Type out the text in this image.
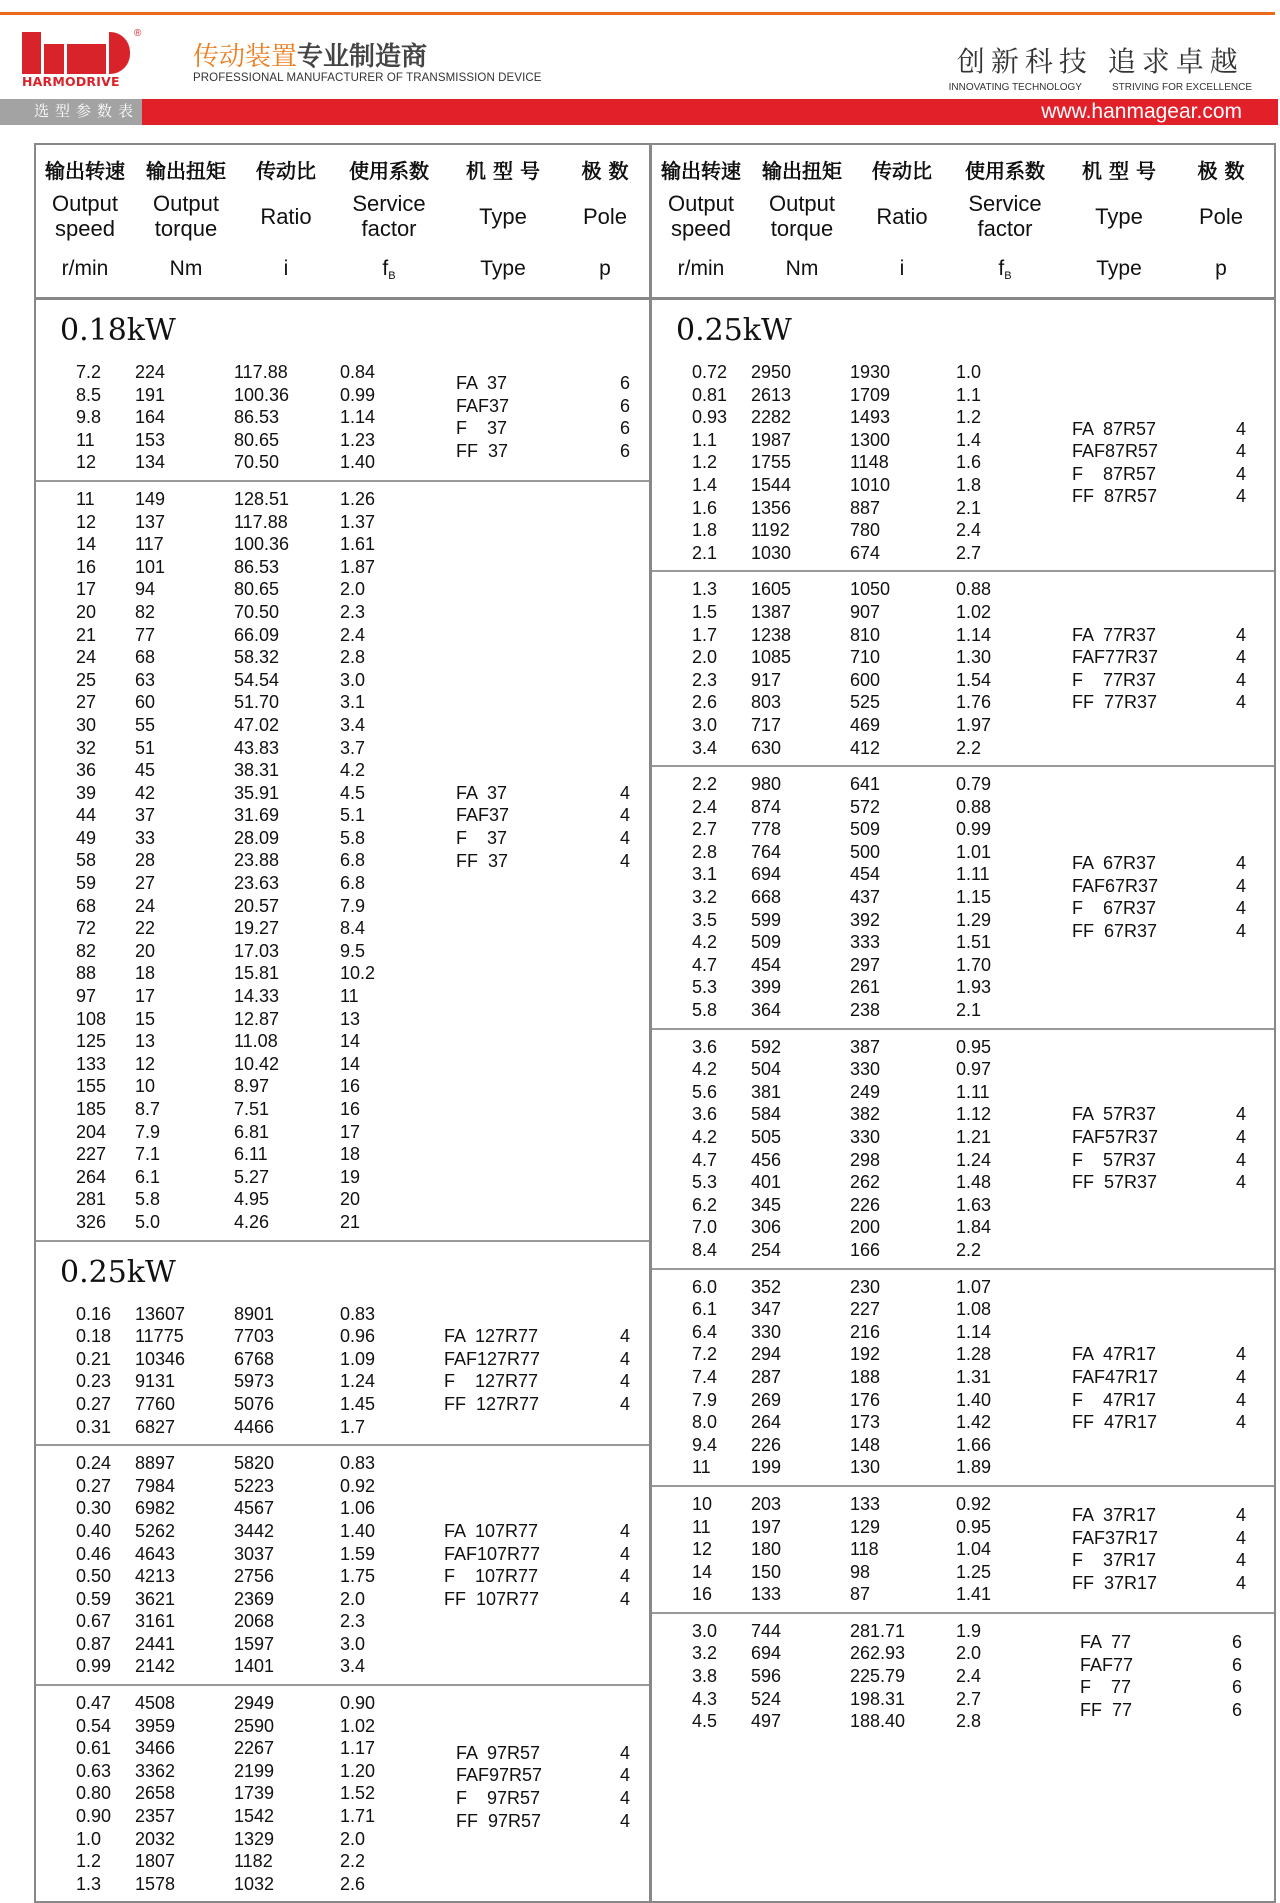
®
HARMODRIVE
传动装置专业制造商
PROFESSIONAL MANUFACTURER OF TRANSMISSION DEVICE	创新科技 追求卓越
INNOVATING TECHNOLOGY	STRIVING FOR EXCELLENCE
选型参数表	www.hanmagear.com
输出转速	输出扭矩	传动比	使用系数	机 型 号	极 数
Output speed
Output torque	Ratio	Service factor	Type	Pole
r/min	Nm	i	$f_B$	Type	p
0.18kW
7.2	224	117.88	0.84
8.5	191	100.36	0.99
9.8	164	86.53	1.14
11	153	80.65	1.23
12	134	70.50	1.40
FA  37	6
FAF37	6
F    37	6
FF  37	6
11	149	128.51	1.26
12	137	117.88	1.37
14	117	100.36	1.61
16	101	86.53	1.87
17	94	80.65	2.0
20	82	70.50	2.3
21	77	66.09	2.4
24	68	58.32	2.8
25	63	54.54	3.0
27	60	51.70	3.1
30	55	47.02	3.4
32	51	43.83	3.7
36	45	38.31	4.2
39	42	35.91	4.5
44	37	31.69	5.1
49	33	28.09	5.8
58	28	23.88	6.8
59	27	23.63	6.8
68	24	20.57	7.9
72	22	19.27	8.4
82	20	17.03	9.5
88	18	15.81	10.2
97	17	14.33	11
108	15	12.87	13
125	13	11.08	14
133	12	10.42	14
155	10	8.97	16
185	8.7	7.51	16
204	7.9	6.81	17
227	7.1	6.11	18
264	6.1	5.27	19
281	5.8	4.95	20
326	5.0	4.26	21
FA  37	4
FAF37	4
F    37	4
FF  37	4
0.25kW
0.16	13607	8901	0.83
0.18	11775	7703	0.96
0.21	10346	6768	1.09
0.23	9131	5973	1.24
0.27	7760	5076	1.45
0.31	6827	4466	1.7
FA  127R77	4
FAF127R77	4
F    127R77	4
FF  127R77	4
0.24	8897	5820	0.83
0.27	7984	5223	0.92
0.30	6982	4567	1.06
0.40	5262	3442	1.40
0.46	4643	3037	1.59
0.50	4213	2756	1.75
0.59	3621	2369	2.0
0.67	3161	2068	2.3
0.87	2441	1597	3.0
0.99	2142	1401	3.4
FA  107R77	4
FAF107R77	4
F    107R77	4
FF  107R77	4
0.47	4508	2949	0.90
0.54	3959	2590	1.02
0.61	3466	2267	1.17
0.63	3362	2199	1.20
0.80	2658	1739	1.52
0.90	2357	1542	1.71
1.0	2032	1329	2.0
1.2	1807	1182	2.2
1.3	1578	1032	2.6
FA  97R57	4
FAF97R57	4
F    97R57	4
FF  97R57	4
输出转速	输出扭矩	传动比	使用系数	机 型 号	极 数
Output speed
Output torque	Ratio	Service factor	Type	Pole
r/min	Nm	i	$f_B$	Type	p
0.25kW
0.72	2950	1930	1.0
0.81	2613	1709	1.1
0.93	2282	1493	1.2
1.1	1987	1300	1.4
1.2	1755	1148	1.6
1.4	1544	1010	1.8
1.6	1356	887	2.1
1.8	1192	780	2.4
2.1	1030	674	2.7
FA  87R57	4
FAF87R57	4
F    87R57	4
FF  87R57	4
1.3	1605	1050	0.88
1.5	1387	907	1.02
1.7	1238	810	1.14
2.0	1085	710	1.30
2.3	917	600	1.54
2.6	803	525	1.76
3.0	717	469	1.97
3.4	630	412	2.2
FA  77R37	4
FAF77R37	4
F    77R37	4
FF  77R37	4
2.2	980	641	0.79
2.4	874	572	0.88
2.7	778	509	0.99
2.8	764	500	1.01
3.1	694	454	1.11
3.2	668	437	1.15
3.5	599	392	1.29
4.2	509	333	1.51
4.7	454	297	1.70
5.3	399	261	1.93
5.8	364	238	2.1
FA  67R37	4
FAF67R37	4
F    67R37	4
FF  67R37	4
3.6	592	387	0.95
4.2	504	330	0.97
5.6	381	249	1.11
3.6	584	382	1.12
4.2	505	330	1.21
4.7	456	298	1.24
5.3	401	262	1.48
6.2	345	226	1.63
7.0	306	200	1.84
8.4	254	166	2.2
FA  57R37	4
FAF57R37	4
F    57R37	4
FF  57R37	4
6.0	352	230	1.07
6.1	347	227	1.08
6.4	330	216	1.14
7.2	294	192	1.28
7.4	287	188	1.31
7.9	269	176	1.40
8.0	264	173	1.42
9.4	226	148	1.66
11	199	130	1.89
FA  47R17	4
FAF47R17	4
F    47R17	4
FF  47R17	4
10	203	133	0.92
11	197	129	0.95
12	180	118	1.04
14	150	98	1.25
16	133	87	1.41
FA  37R17	4
FAF37R17	4
F    37R17	4
FF  37R17	4
3.0	744	281.71	1.9
3.2	694	262.93	2.0
3.8	596	225.79	2.4
4.3	524	198.31	2.7
4.5	497	188.40	2.8
FA  77	6
FAF77	6
F    77	6
FF  77	6
